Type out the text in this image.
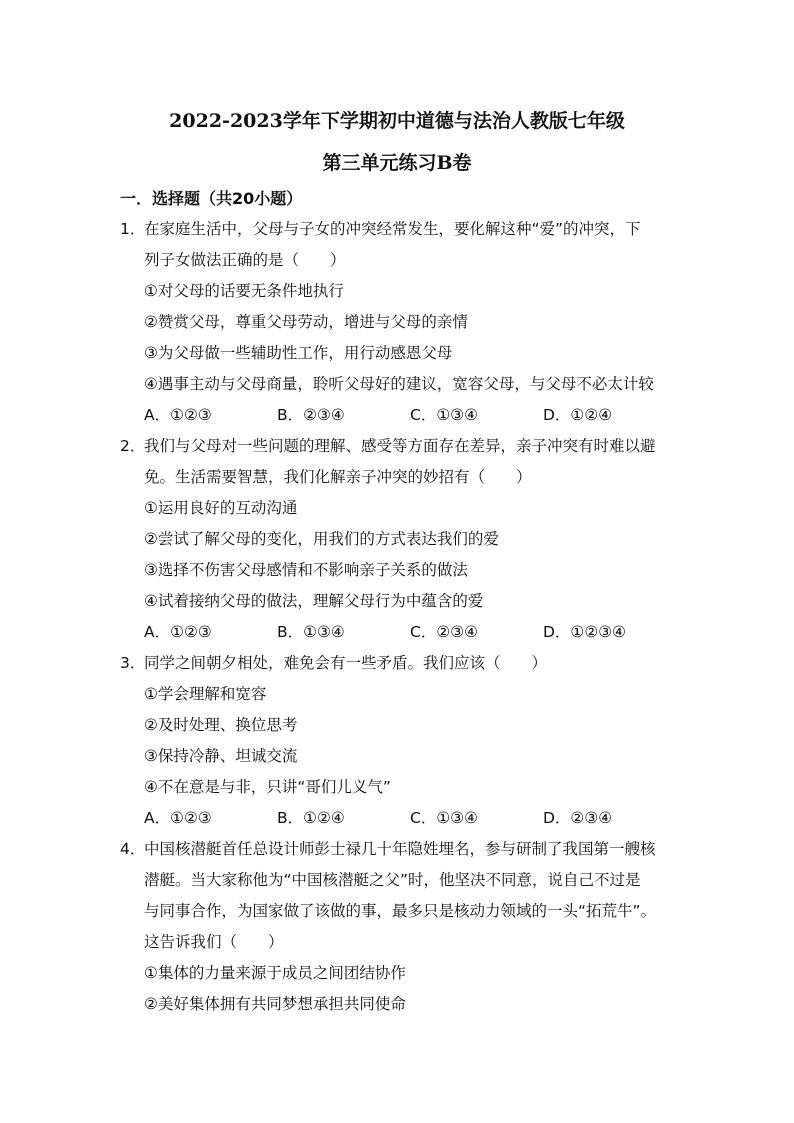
2022-2023学年下学期初中道德与法治人教版七年级
第三单元练习B卷
一．选择题（共20小题）
1．在家庭生活中，父母与子女的冲突经常发生，要化解这种“爱”的冲突，下
列子女做法正确的是（　　）
①对父母的话要无条件地执行
②赞赏父母，尊重父母劳动，增进与父母的亲情
③为父母做一些辅助性工作，用行动感恩父母
④遇事主动与父母商量，聆听父母好的建议，宽容父母，与父母不必太计较
A．①②③	B．②③④	C．①③④	D．①②④
2．我们与父母对一些问题的理解、感受等方面存在差异，亲子冲突有时难以避
免。生活需要智慧，我们化解亲子冲突的妙招有（　　）
①运用良好的互动沟通
②尝试了解父母的变化，用我们的方式表达我们的爱
③选择不伤害父母感情和不影响亲子关系的做法
④试着接纳父母的做法，理解父母行为中蕴含的爱
A．①②③	B．①③④	C．②③④	D．①②③④
3．同学之间朝夕相处，难免会有一些矛盾。我们应该（　　）
①学会理解和宽容
②及时处理、换位思考
③保持冷静、坦诚交流
④不在意是与非，只讲“哥们儿义气”
A．①②③	B．①②④	C．①③④	D．②③④
4．中国核潜艇首任总设计师彭士禄几十年隐姓埋名，参与研制了我国第一艘核
潜艇。当大家称他为“中国核潜艇之父”时，他坚决不同意，说自己不过是
与同事合作，为国家做了该做的事，最多只是核动力领域的一头“拓荒牛”。
这告诉我们（　　）
①集体的力量来源于成员之间团结协作
②美好集体拥有共同梦想承担共同使命
